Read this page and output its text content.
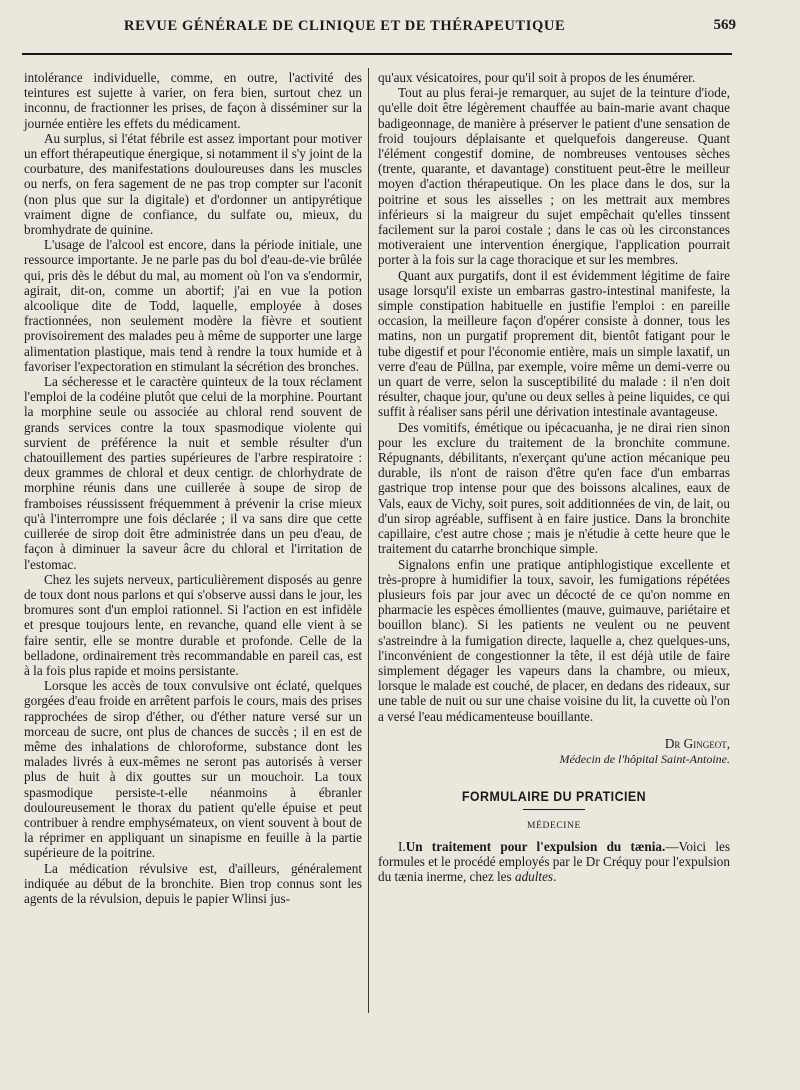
REVUE GÉNÉRALE DE CLINIQUE ET DE THÉRAPEUTIQUE	569

intolérance individuelle, comme, en outre, l'activité des teintures est sujette à varier, on fera bien, surtout chez un inconnu, de fractionner les prises, de façon à disséminer sur la journée entière les effets du médicament.

Au surplus, si l'état fébrile est assez important pour motiver un effort thérapeutique énergique, si notamment il s'y joint de la courbature, des manifestations douloureuses dans les muscles ou nerfs, on fera sagement de ne pas trop compter sur l'aconit (non plus que sur la digitale) et d'ordonner un antipyrétique vraiment digne de confiance, du sulfate ou, mieux, du bromhydrate de quinine.

L'usage de l'alcool est encore, dans la période initiale, une ressource importante. Je ne parle pas du bol d'eau-de-vie brûlée qui, pris dès le début du mal, au moment où l'on va s'endormir, agirait, dit-on, comme un abortif; j'ai en vue la potion alcoolique dite de Todd, laquelle, employée à doses fractionnées, non seulement modère la fièvre et soutient provisoirement des malades peu à même de supporter une large alimentation plastique, mais tend à rendre la toux humide et à favoriser l'expectoration en stimulant la sécrétion des bronches.

La sécheresse et le caractère quinteux de la toux réclament l'emploi de la codéine plutôt que celui de la morphine. Pourtant la morphine seule ou associée au chloral rend souvent de grands services contre la toux spasmodique violente qui survient de préférence la nuit et semble résulter d'un chatouillement des parties supérieures de l'arbre respiratoire : deux grammes de chloral et deux centigr. de chlorhydrate de morphine réunis dans une cuillerée à soupe de sirop de framboises réussissent fréquemment à prévenir la crise mieux qu'à l'interrompre une fois déclarée ; il va sans dire que cette cuillerée de sirop doit être administrée dans un peu d'eau, de façon à diminuer la saveur âcre du chloral et l'irritation de l'estomac.

Chez les sujets nerveux, particulièrement disposés au genre de toux dont nous parlons et qui s'observe aussi dans le jour, les bromures sont d'un emploi rationnel. Si l'action en est infidèle et presque toujours lente, en revanche, quand elle vient à se faire sentir, elle se montre durable et profonde. Celle de la belladone, ordinairement très recommandable en pareil cas, est à la fois plus rapide et moins persistante.

Lorsque les accès de toux convulsive ont éclaté, quelques gorgées d'eau froide en arrêtent parfois le cours, mais des prises rapprochées de sirop d'éther, ou d'éther nature versé sur un morceau de sucre, ont plus de chances de succès ; il en est de même des inhalations de chloroforme, substance dont les malades livrés à eux-mêmes ne seront pas autorisés à verser plus de huit à dix gouttes sur un mouchoir. La toux spasmodique persiste-t-elle néanmoins à ébranler douloureusement le thorax du patient qu'elle épuise et peut contribuer à rendre emphysémateux, on vient souvent à bout de la réprimer en appliquant un sinapisme en feuille à la partie supérieure de la poitrine.

La médication révulsive est, d'ailleurs, généralement indiquée au début de la bronchite. Bien trop connus sont les agents de la révulsion, depuis le papier Wlinsi jus-

qu'aux vésicatoires, pour qu'il soit à propos de les énumérer.

Tout au plus ferai-je remarquer, au sujet de la teinture d'iode, qu'elle doit être légèrement chauffée au bain-marie avant chaque badigeonnage, de manière à préserver le patient d'une sensation de froid toujours déplaisante et quelquefois dangereuse. Quant l'élément congestif domine, de nombreuses ventouses sèches (trente, quarante, et davantage) constituent peut-être le meilleur moyen d'action thérapeutique. On les place dans le dos, sur la poitrine et sous les aisselles ; on les mettrait aux membres inférieurs si la maigreur du sujet empêchait qu'elles tinssent facilement sur la paroi costale ; dans le cas où les circonstances motiveraient une intervention énergique, l'application pourrait porter à la fois sur la cage thoracique et sur les membres.

Quant aux purgatifs, dont il est évidemment légitime de faire usage lorsqu'il existe un embarras gastro-intestinal manifeste, la simple constipation habituelle en justifie l'emploi : en pareille occasion, la meilleure façon d'opérer consiste à donner, tous les matins, non un purgatif proprement dit, bientôt fatigant pour le tube digestif et pour l'économie entière, mais un simple laxatif, un verre d'eau de Püllna, par exemple, voire même un demi-verre ou un quart de verre, selon la susceptibilité du malade : il n'en doit résulter, chaque jour, qu'une ou deux selles à peine liquides, ce qui suffit à réaliser sans péril une dérivation intestinale avantageuse.

Des vomitifs, émétique ou ipécacuanha, je ne dirai rien sinon pour les exclure du traitement de la bronchite commune. Répugnants, débilitants, n'exerçant qu'une action mécanique peu durable, ils n'ont de raison d'être qu'en face d'un embarras gastrique trop intense pour que des boissons alcalines, eaux de Vals, eaux de Vichy, soit pures, soit additionnées de vin, de lait, ou d'un sirop agréable, suffisent à en faire justice. Dans la bronchite capillaire, c'est autre chose ; mais je n'étudie à cette heure que le traitement du catarrhe bronchique simple.

Signalons enfin une pratique antiphlogistique excellente et très-propre à humidifier la toux, savoir, les fumigations répétées plusieurs fois par jour avec un décocté de ce qu'on nomme en pharmacie les espèces émollientes (mauve, guimauve, pariétaire et bouillon blanc). Si les patients ne veulent ou ne peuvent s'astreindre à la fumigation directe, laquelle a, chez quelques-uns, l'inconvénient de congestionner la tête, il est déjà utile de faire simplement dégager les vapeurs dans la chambre, ou mieux, lorsque le malade est couché, de placer, en dedans des rideaux, sur une table de nuit ou sur une chaise voisine du lit, la cuvette où l'on a versé l'eau médicamenteuse bouillante.

Dr Gingeot,
Médecin de l'hôpital Saint-Antoine.
FORMULAIRE DU PRATICIEN
MÉDECINE

I.Un traitement pour l'expulsion du tænia.—Voici les formules et le procédé employés par le Dr Créquy pour l'expulsion du tænia inerme, chez les adultes.
